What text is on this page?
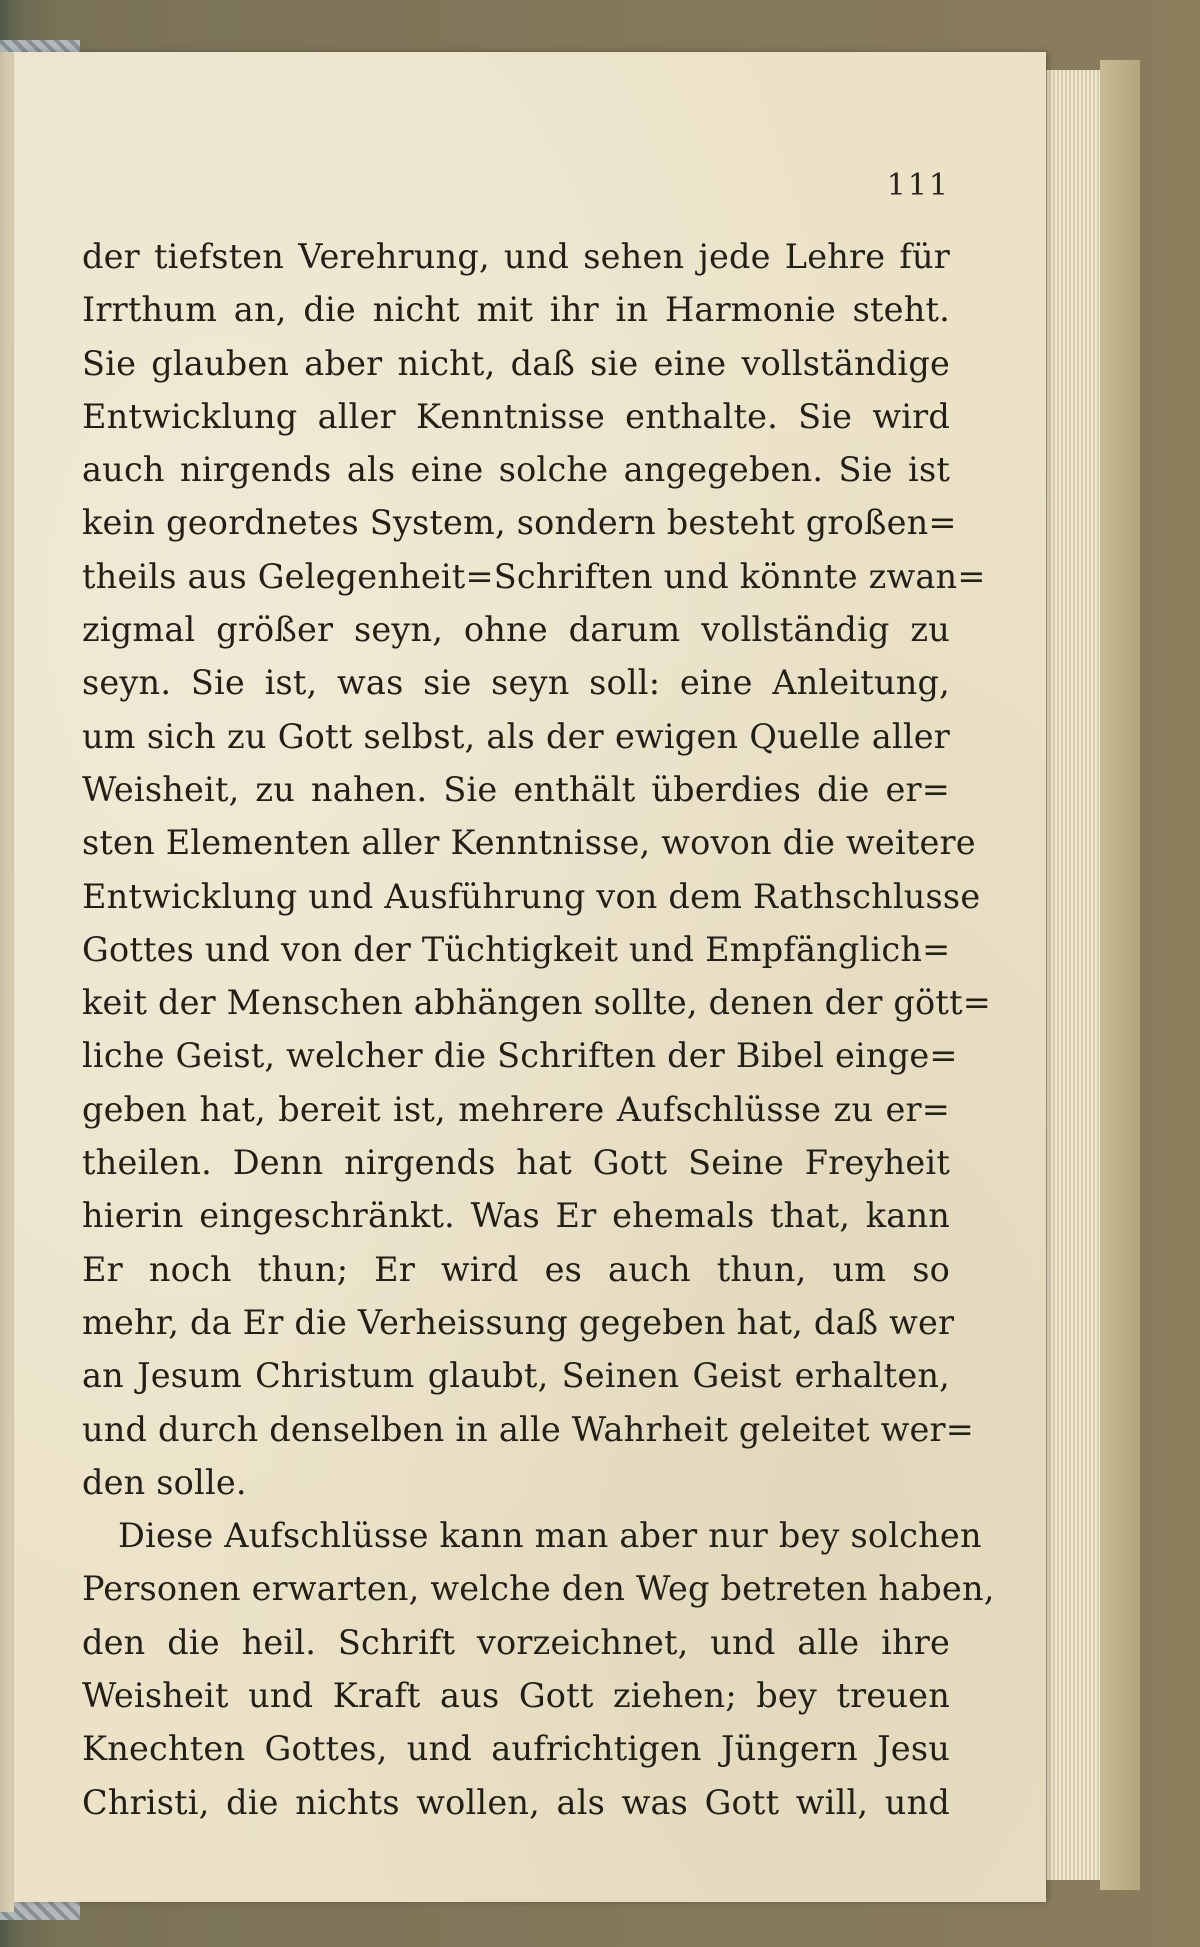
111
der tiefsten Verehrung, und sehen jede Lehre für
Irrthum an, die nicht mit ihr in Harmonie steht.
Sie glauben aber nicht, daß sie eine vollständige
Entwicklung aller Kenntnisse enthalte. Sie wird
auch nirgends als eine solche angegeben. Sie ist
kein geordnetes System, sondern besteht großen=
theils aus Gelegenheit=Schriften und könnte zwan=
zigmal größer seyn, ohne darum vollständig zu
seyn. Sie ist, was sie seyn soll: eine Anleitung,
um sich zu Gott selbst, als der ewigen Quelle aller
Weisheit, zu nahen. Sie enthält überdies die er=
sten Elementen aller Kenntnisse, wovon die weitere
Entwicklung und Ausführung von dem Rathschlusse
Gottes und von der Tüchtigkeit und Empfänglich=
keit der Menschen abhängen sollte, denen der gött=
liche Geist, welcher die Schriften der Bibel einge=
geben hat, bereit ist, mehrere Aufschlüsse zu er=
theilen. Denn nirgends hat Gott Seine Freyheit
hierin eingeschränkt. Was Er ehemals that, kann
Er noch thun; Er wird es auch thun, um so
mehr, da Er die Verheissung gegeben hat, daß wer
an Jesum Christum glaubt, Seinen Geist erhalten,
und durch denselben in alle Wahrheit geleitet wer=
den solle.
Diese Aufschlüsse kann man aber nur bey solchen
Personen erwarten, welche den Weg betreten haben,
den die heil. Schrift vorzeichnet, und alle ihre
Weisheit und Kraft aus Gott ziehen; bey treuen
Knechten Gottes, und aufrichtigen Jüngern Jesu
Christi, die nichts wollen, als was Gott will, und
